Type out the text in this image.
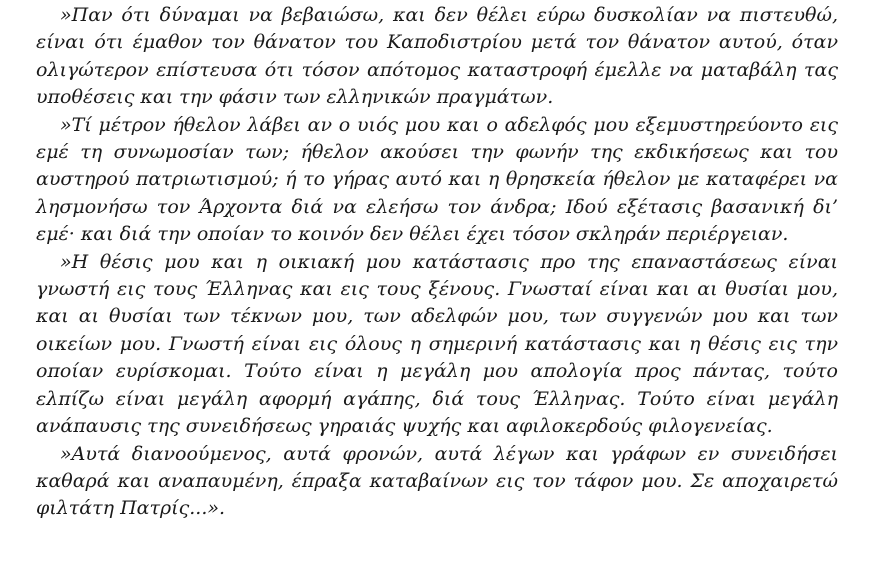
»Παν ότι δύναμαι να βεβαιώσω, και δεν θέλει εύρω δυσκολίαν να πιστευθώ, είναι ότι έμαθον τον θάνατον του Καποδιστρίου μετά τον θάνατον αυτού, όταν ολιγώτερον επίστευσα ότι τόσον απότομος καταστροφή έμελλε να ματαβάλη τας υποθέσεις και την φάσιν των ελληνικών πραγμάτων.

»Τί μέτρον ήθελον λάβει αν ο υιός μου και ο αδελφός μου εξεμυστηρεύοντο εις εμέ τη συνωμοσίαν των; ήθελον ακούσει την φωνήν της εκδικήσεως και του αυστηρού πατριωτισμού; ή το γήρας αυτό και η θρησκεία ήθελον με καταφέρει να λησμονήσω τον Άρχοντα διά να ελεήσω τον άνδρα; Ιδού εξέτασις βασανική δι’ εμέ· και διά την οποίαν το κοινόν δεν θέλει έχει τόσον σκληράν περιέργειαν.

»Η θέσις μου και η οικιακή μου κατάστασις προ της επαναστάσεως είναι γνωστή εις τους Έλληνας και εις τους ξένους. Γνωσταί είναι και αι θυσίαι μου, και αι θυσίαι των τέκνων μου, των αδελφών μου, των συγγενών μου και των οικείων μου. Γνωστή είναι εις όλους η σημερινή κατάστασις και η θέσις εις την οποίαν ευρίσκομαι. Τούτο είναι η μεγάλη μου απολογία προς πάντας, τούτο ελπίζω είναι μεγάλη αφορμή αγάπης, διά τους Έλληνας. Τούτο είναι μεγάλη ανάπαυσις της συνειδήσεως γηραιάς ψυχής και αφιλοκερδούς φιλογενείας.

»Αυτά διανοούμενος, αυτά φρονών, αυτά λέγων και γράφων εν συνειδήσει καθαρά και αναπαυμένη, έπραξα καταβαίνων εις τον τάφον μου. Σε αποχαιρετώ φιλτάτη Πατρίς...».
